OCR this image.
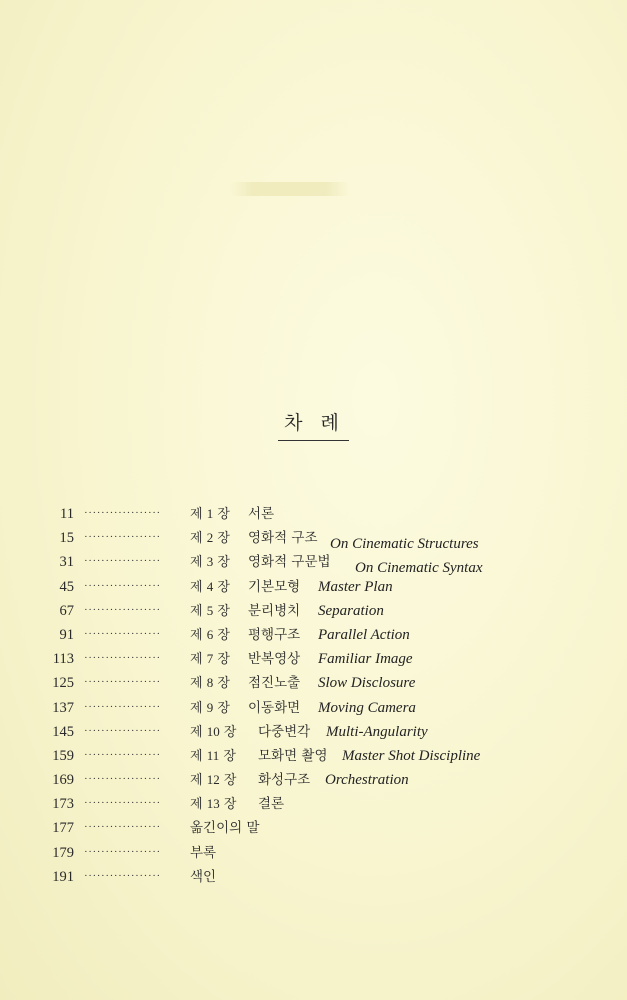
차 례
11 ·················· 제 1 장 서론
15 ·················· 제 2 장 영화적 구조 On Cinematic Structures
31 ·················· 제 3 장 영화적 구문법 On Cinematic Syntax
45 ·················· 제 4 장 기본모형 Master Plan
67 ·················· 제 5 장 분리병치 Separation
91 ·················· 제 6 장 평행구조 Parallel Action
113 ·················· 제 7 장 반복영상 Familiar Image
125 ·················· 제 8 장 점진노출 Slow Disclosure
137 ·················· 제 9 장 이동화면 Moving Camera
145 ·················· 제 10 장 다중변각 Multi-Angularity
159 ·················· 제 11 장 모화면 촬영 Master Shot Discipline
169 ·················· 제 12 장 화성구조 Orchestration
173 ·················· 제 13 장 결론
177 ·················· 옮긴이의 말
179 ·················· 부록
191 ·················· 색인
